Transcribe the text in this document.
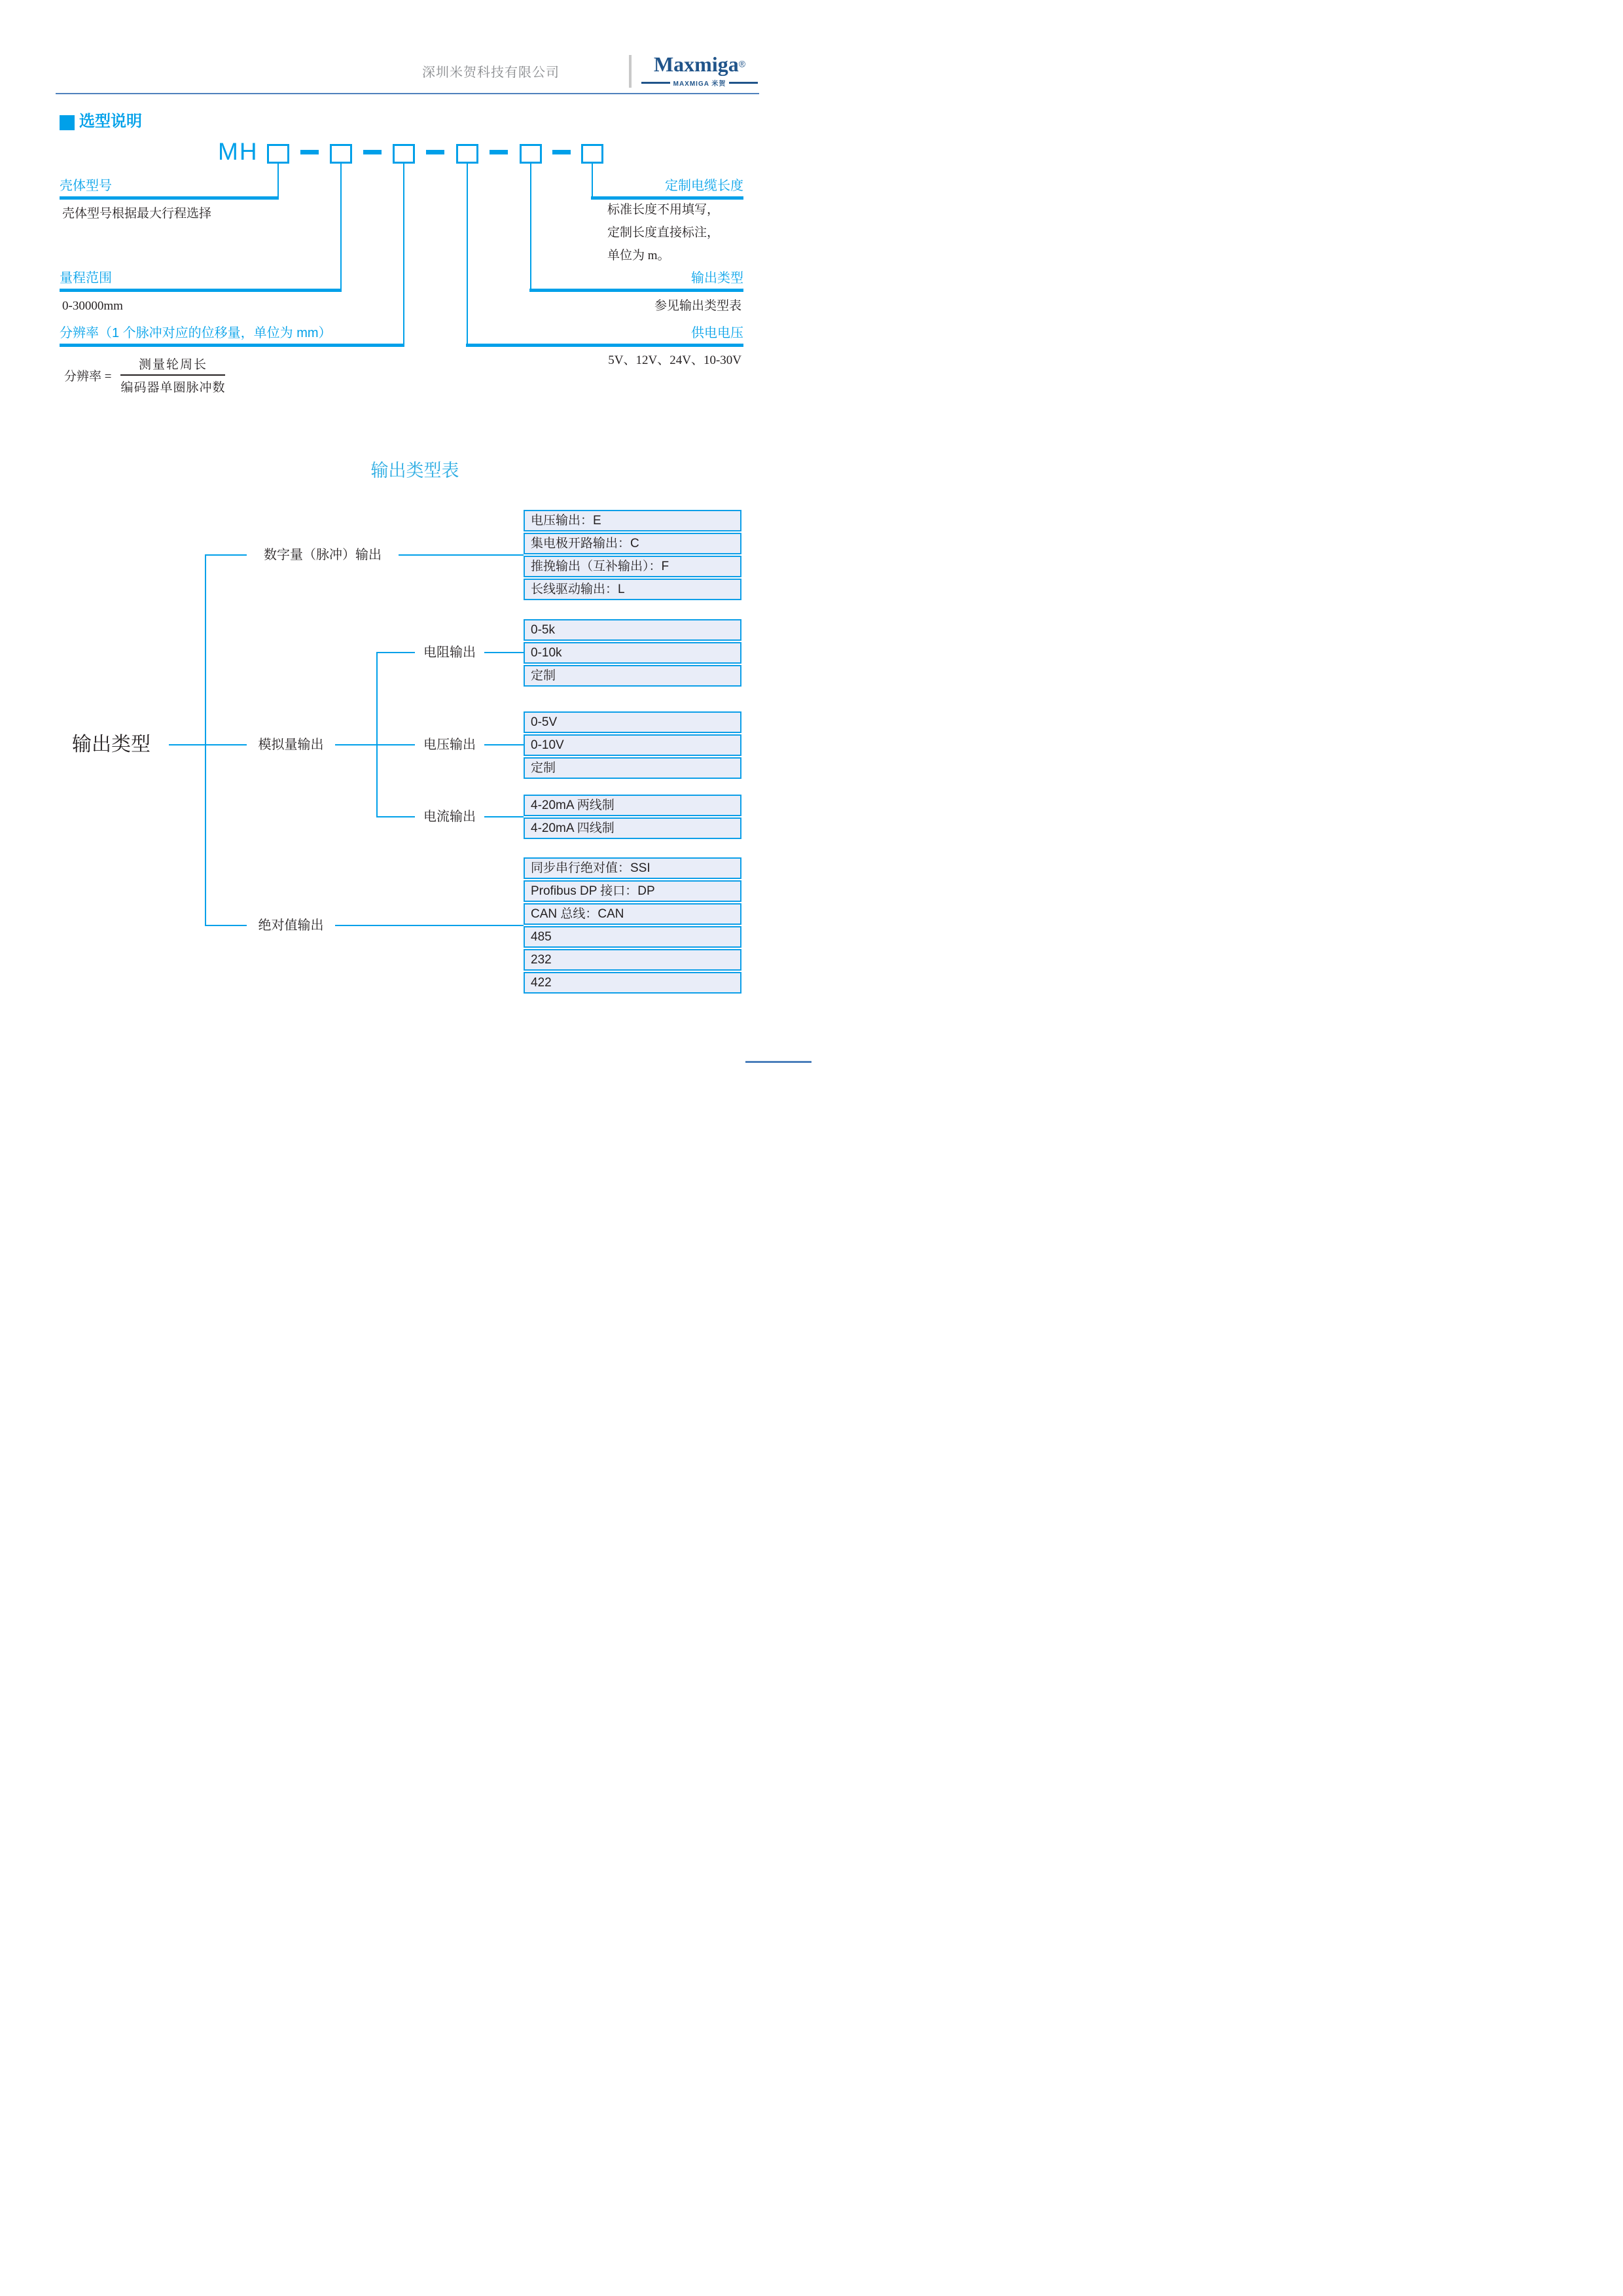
深圳米贺科技有限公司	Maxmiga®
MAXMIGA 米贺
选型说明
MH
壳体型号
壳体型号根据最大行程选择
量程范围
0-30000mm
分辨率（1 个脉冲对应的位移量，单位为 mm）
分辨率 = $\frac{\text{测量轮周长}}{\text{编码器单圈脉冲数}}$
定制电缆长度
标准长度不用填写，
定制长度直接标注，
单位为 m。
输出类型
参见输出类型表
供电电压
5V、12V、24V、10-30V
输出类型表
输出类型
数字量（脉冲）输出
模拟量输出	电压输出
电阻输出
电流输出
绝对值输出
电压输出：E
集电极开路输出：C
推挽输出（互补输出）：F
长线驱动输出：L
0-5k
0-10k
定制
0-5V
0-10V
定制
4-20mA 两线制
4-20mA 四线制
同步串行绝对值：SSI
Profibus DP 接口：DP
CAN 总线：CAN
485
232
422
